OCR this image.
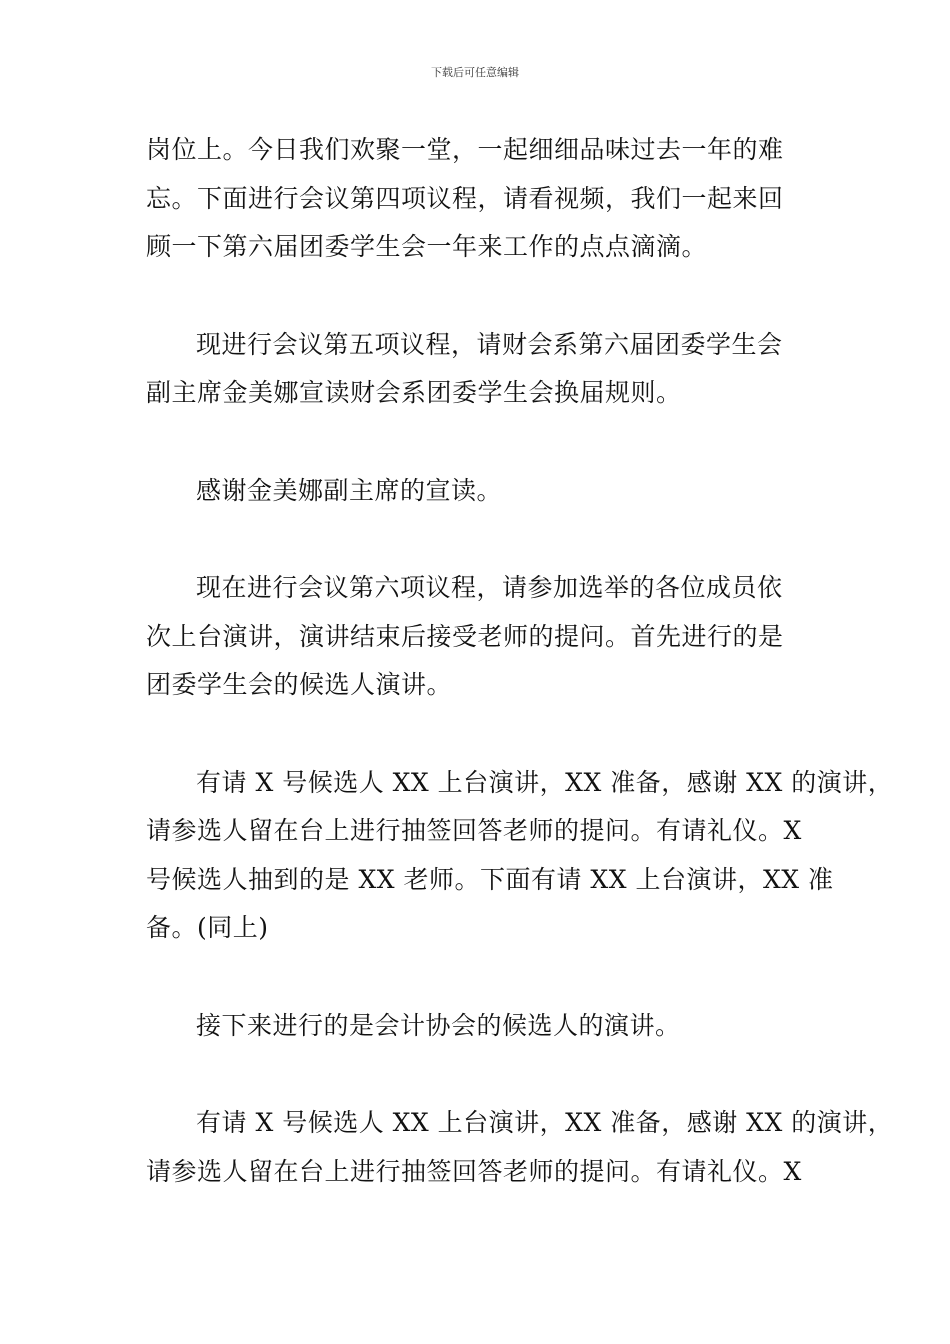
下载后可任意编辑
岗位上。今日我们欢聚一堂，一起细细品味过去一年的难
忘。下面进行会议第四项议程，请看视频，我们一起来回
顾一下第六届团委学生会一年来工作的点点滴滴。
现进行会议第五项议程，请财会系第六届团委学生会
副主席金美娜宣读财会系团委学生会换届规则。
感谢金美娜副主席的宣读。
现在进行会议第六项议程，请参加选举的各位成员依
次上台演讲，演讲结束后接受老师的提问。首先进行的是
团委学生会的候选人演讲。
有请 X 号候选人 XX 上台演讲，XX 准备，感谢 XX 的演讲，
请参选人留在台上进行抽签回答老师的提问。有请礼仪。X
号候选人抽到的是 XX 老师。下面有请 XX 上台演讲，XX 准
备。(同上)
接下来进行的是会计协会的候选人的演讲。
有请 X 号候选人 XX 上台演讲，XX 准备，感谢 XX 的演讲，
请参选人留在台上进行抽签回答老师的提问。有请礼仪。X
